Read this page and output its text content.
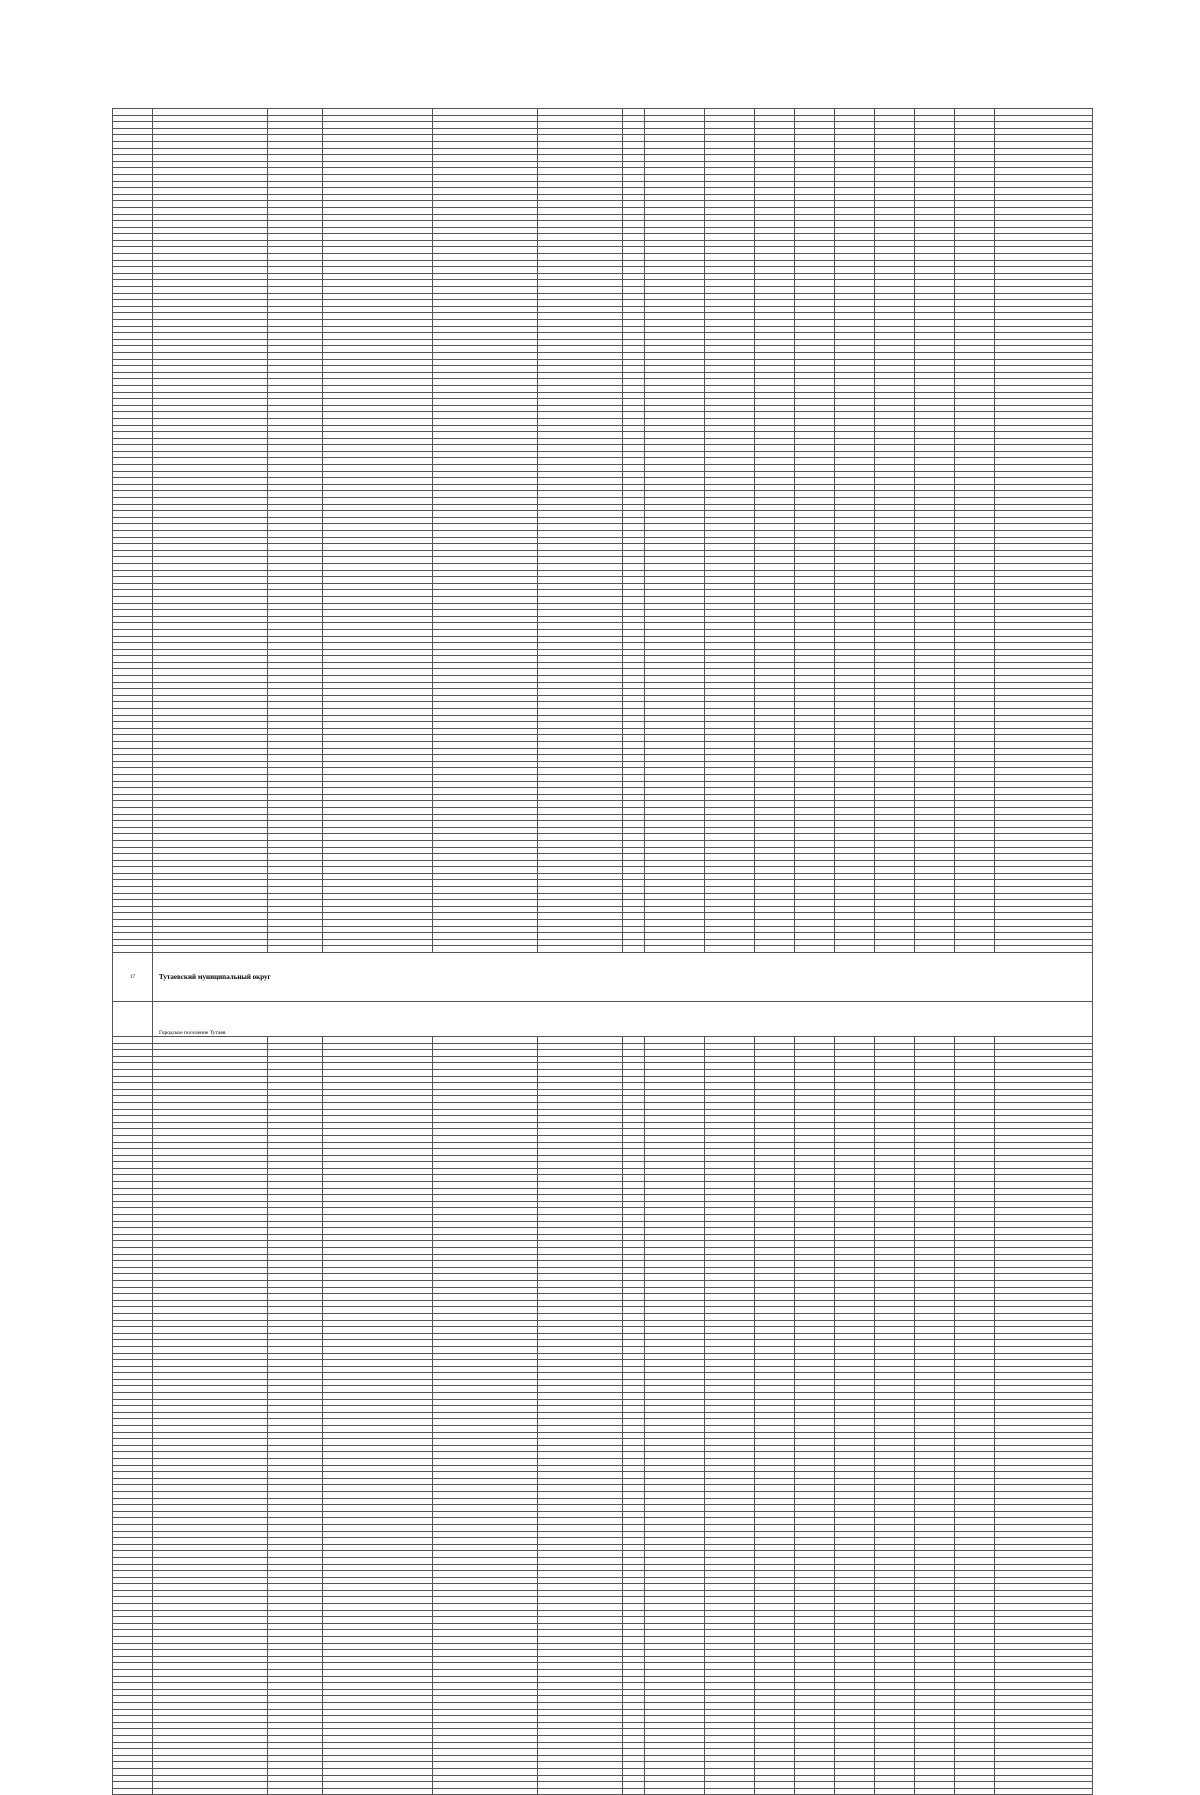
17	Тутаевский муниципальный округ														
	Городское поселение Тутаев														
